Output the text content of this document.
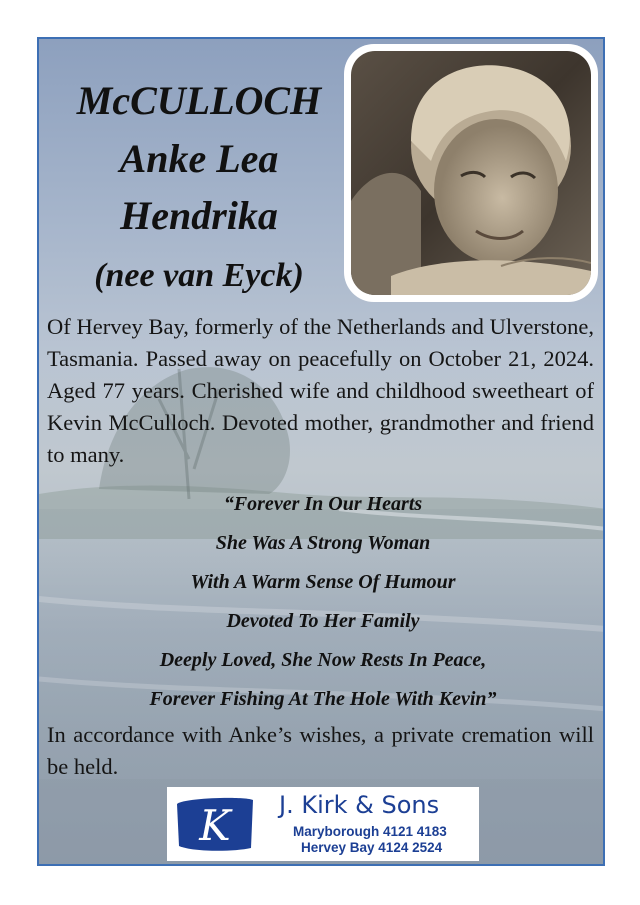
McCULLOCH
Anke Lea
Hendrika
(nee van Eyck)
Of Hervey Bay, formerly of the Netherlands and Ulverstone, Tasmania. Passed away on peacefully on October 21, 2024. Aged 77 years. Cherished wife and childhood sweetheart of Kevin McCulloch. Devoted mother, grandmother and friend to many.
“Forever In Our Hearts
She Was A Strong Woman
With A Warm Sense Of Humour
Devoted To Her Family
Deeply Loved, She Now Rests In Peace,
Forever Fishing At The Hole With Kevin”
In accordance with Anke’s wishes, a private cremation will be held.
K J. Kirk & Sons
Maryborough 4121 4183
Hervey Bay 4124 2524
